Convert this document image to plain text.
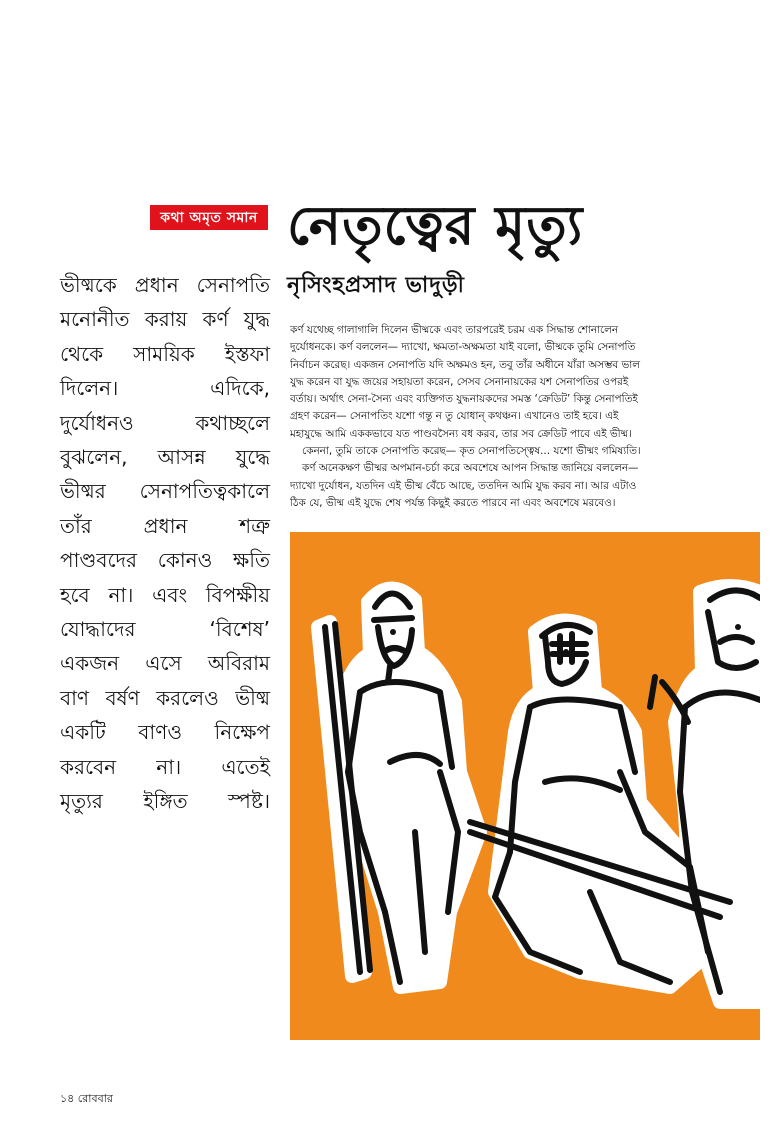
কথা অমৃত সমান নেতৃত্বের মৃত্যু
নৃসিংহপ্রসাদ ভাদুড়ী
ভীষ্মকে প্রধান সেনাপতি
মনোনীত করায় কর্ণ যুদ্ধ
থেকে সাময়িক ইস্তফা
দিলেন। এদিকে,
দুর্যোধনও কথাচ্ছলে
বুঝলেন, আসন্ন যুদ্ধে
ভীষ্মর সেনাপতিত্বকালে
তাঁর প্রধান শত্রু
পাণ্ডবদের কোনও ক্ষতি
হবে না। এবং বিপক্ষীয়
যোদ্ধাদের ‘বিশেষ’
একজন এসে অবিরাম
বাণ বর্ষণ করলেও ভীষ্ম
একটি বাণও নিক্ষেপ
করবেন না। এতেই
মৃত্যুর ইঙ্গিত স্পষ্ট।
কর্ণ যথেচ্ছ গালাগালি দিলেন ভীষ্মকে এবং তারপরেই চরম এক সিদ্ধান্ত শোনালেন
দুর্যোধনকে। কর্ণ বললেন— দ্যাখো, ক্ষমতা-অক্ষমতা যাই বলো, ভীষ্মকে তুমি সেনাপতি
নির্বাচন করেছ। একজন সেনাপতি যদি অক্ষমও হন, তবু তাঁর অধীনে যাঁরা অসম্ভব ভাল
যুদ্ধ করেন বা যুদ্ধ জয়ের সহায়তা করেন, সেসব সেনানায়কের যশ সেনাপতির ওপরই
বর্তায়। অর্থাৎ সেনা-সৈন্য এবং ব্যক্তিগত যুদ্ধনায়কদের সমস্ত ‘ক্রেডিট’ কিন্তু সেনাপতিই
গ্রহণ করেন— সেনাপতিং যশো গন্তু ন তু যোধান্ কথঞ্চন। এখানেও তাই হবে। এই
মহাযুদ্ধে আমি এককভাবে যত পাণ্ডবসৈন্য বধ করব, তার সব ক্রেডিট পাবে এই ভীষ্ম।
কেননা, তুমি তাকে সেনাপতি করেছ— কৃত সেনাপতিস্ত্বেষ... যশো ভীষ্মং গমিষ্যতি।
কর্ণ অনেকক্ষণ ভীষ্মর অপমান-চর্চা করে অবশেষে আপন সিদ্ধান্ত জানিয়ে বললেন—
দ্যাখো দুর্যোধন, যতদিন এই ভীষ্ম বেঁচে আছে, ততদিন আমি যুদ্ধ করব না। আর এটাও
ঠিক যে, ভীষ্ম এই যুদ্ধে শেষ পর্যন্ত কিছুই করতে পারবে না এবং অবশেষে মরবেও।
১৪ রোববার
